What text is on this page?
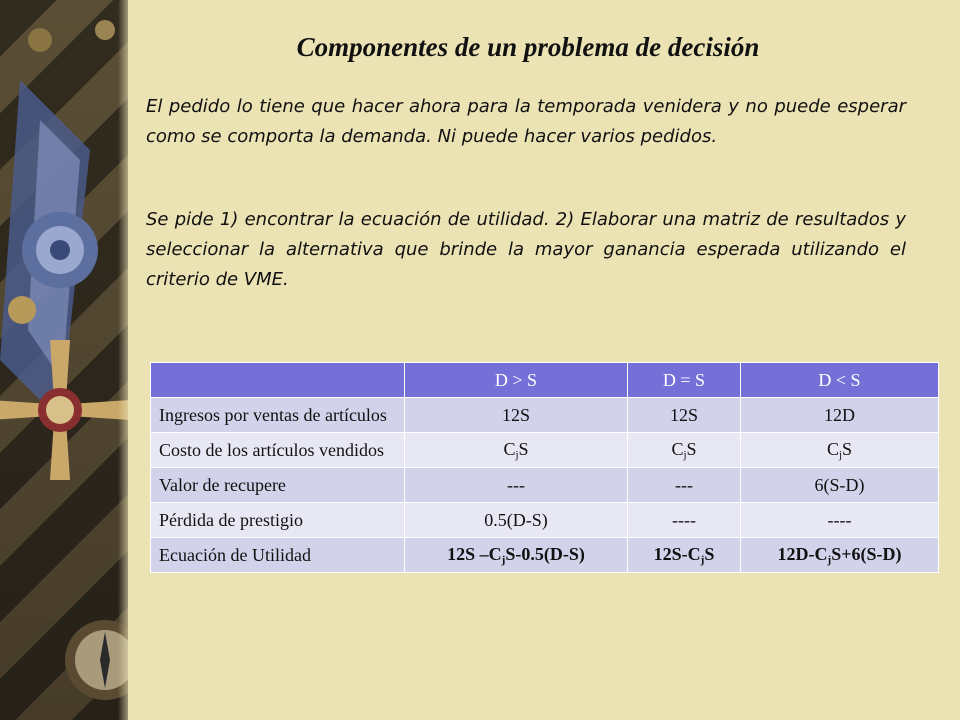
Componentes de un problema de decisión
El pedido lo tiene que hacer ahora para la temporada venidera y no puede esperar como se comporta la demanda. Ni puede hacer varios pedidos.
Se pide 1) encontrar la ecuación de utilidad. 2) Elaborar una matriz de resultados y seleccionar la alternativa que brinde la mayor ganancia esperada utilizando el criterio de VME.
	D > S	D = S	D < S
Ingresos por ventas de artículos	12S	12S	12D
Costo de los artículos vendidos	$C_jS$	$C_jS$	$C_jS$
Valor de recupere	---	---	6(S-D)
Pérdida de prestigio	0.5(D-S)	----	----
Ecuación de Utilidad	12S $-C_jS-0.5(D-S)$	$12S-C_jS$	$12D-C_jS+6(S-D)$
